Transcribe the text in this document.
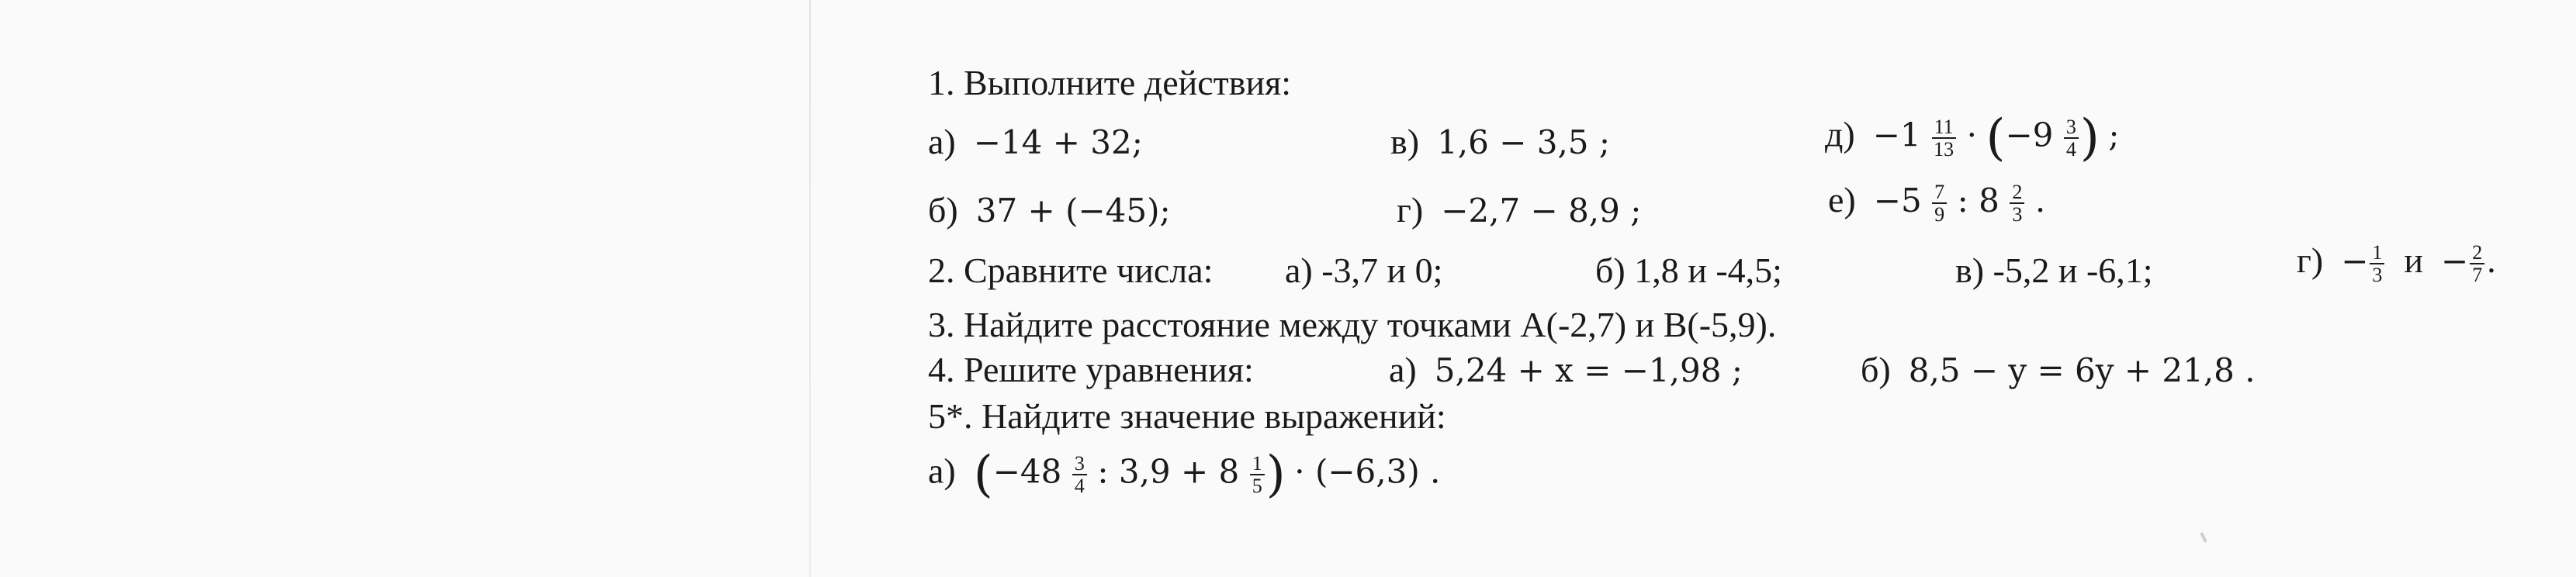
1. Выполните действия:
а) −14 + 32;	в) 1,6 − 3,5 ;	$д) -1 \frac{11}{13} \cdot (-9 \frac{3}{4}$ ) ;
б) 37 + (−45);	г) −2,7 − 8,9 ;	$е) -5 \frac{7}{9}$ : $8 \frac{2}{3}$ .
2. Сравните числа: а) -3,7 и 0;	б) 1,8 и -4,5;	в) -5,2 и -6,1;	$г) - \frac{1}{3}$ $и - \frac{2}{7}$ .
3. Найдите расстояние между точками А(-2,7) и В(-5,9).
4. Решите уравнения:	а) 5,24 + x = −1,98 ;	б) 8,5 − y = 6y + 21,8 .
5*. Найдите значение выражений:
а) ($-48 \frac{3}{4}$ : $3,9 + 8 \frac{1}{5}$ ) · (−6,3) .
